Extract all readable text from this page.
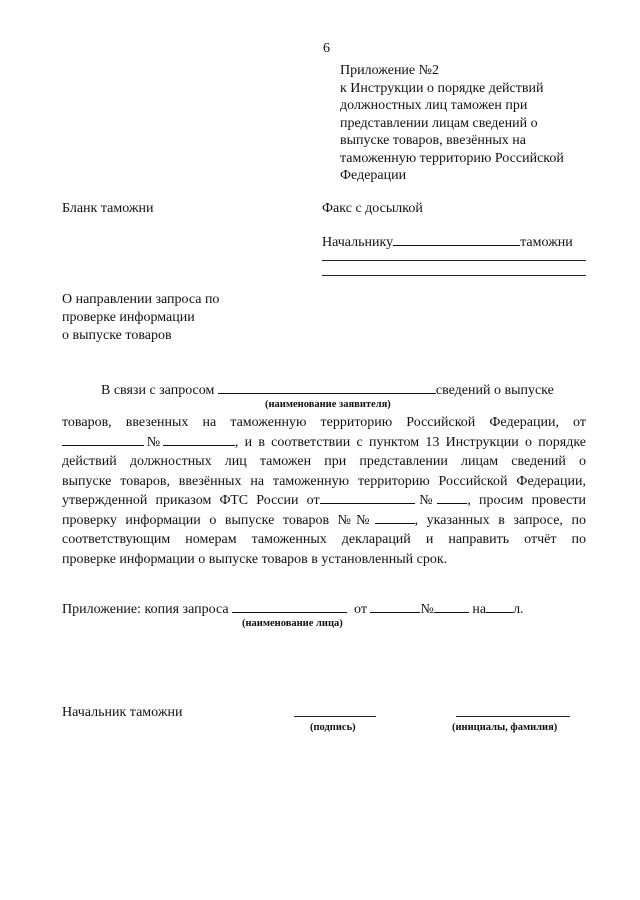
6
Приложение №2
к Инструкции о порядке действий
должностных лиц таможен при
представлении лицам сведений о
выпуске товаров, ввезённых на
таможенную территорию Российской
Федерации
Бланк таможни	Факс с досылкой
Начальнику	таможни
О направлении запроса по
проверке информации
о выпуске товаров
В связи с запросом	сведений о выпуске
(наименование заявителя)
товаров, ввезенных на таможенную территорию Российской Федерации, от
№	, и в соответствии с пунктом 13 Инструкции о порядке
действий должностных лиц таможен при представлении лицам сведений о
выпуске товаров, ввезённых на таможенную территорию Российской Федерации,
утвержденной приказом ФТС России от	№ , просим провести
проверку информации о выпуске товаров №№	, указанных в запросе, по
соответствующим номерам таможенных деклараций и направить отчёт по
проверке информации о выпуске товаров в установленный срок.
Приложение: копия запроса	от	№	на л.
(наименование лица)
Начальник таможни
(подпись)	(инициалы, фамилия)
